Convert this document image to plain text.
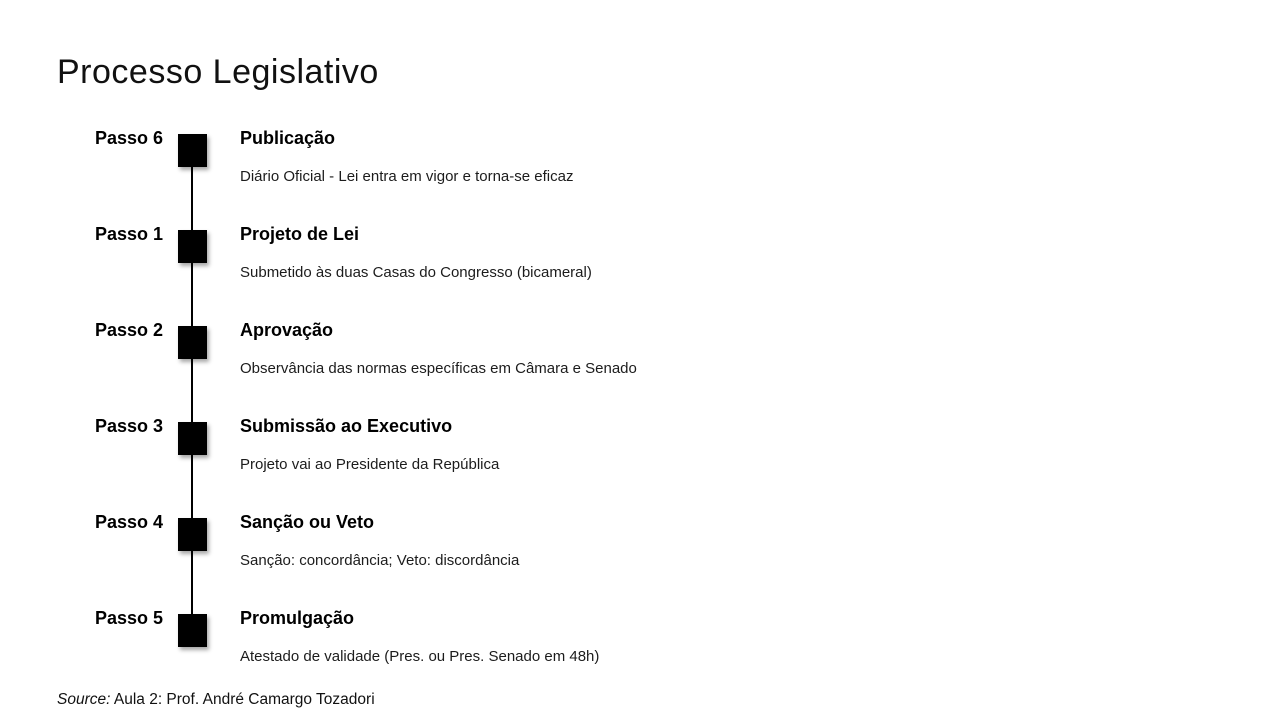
Processo Legislativo
Passo 1	Projeto de Lei
Submetido às duas Casas do Congresso (bicameral)
Passo 2	Aprovação
Observância das normas específicas em Câmara e Senado
Passo 3	Submissão ao Executivo
Projeto vai ao Presidente da República
Passo 4	Sanção ou Veto
Sanção: concordância; Veto: discordância
Passo 5	Promulgação
Atestado de validade (Pres. ou Pres. Senado em 48h)
Passo 6	Publicação
Diário Oficial - Lei entra em vigor e torna-se eficaz
Source: Aula 2: Prof. André Camargo Tozadori
